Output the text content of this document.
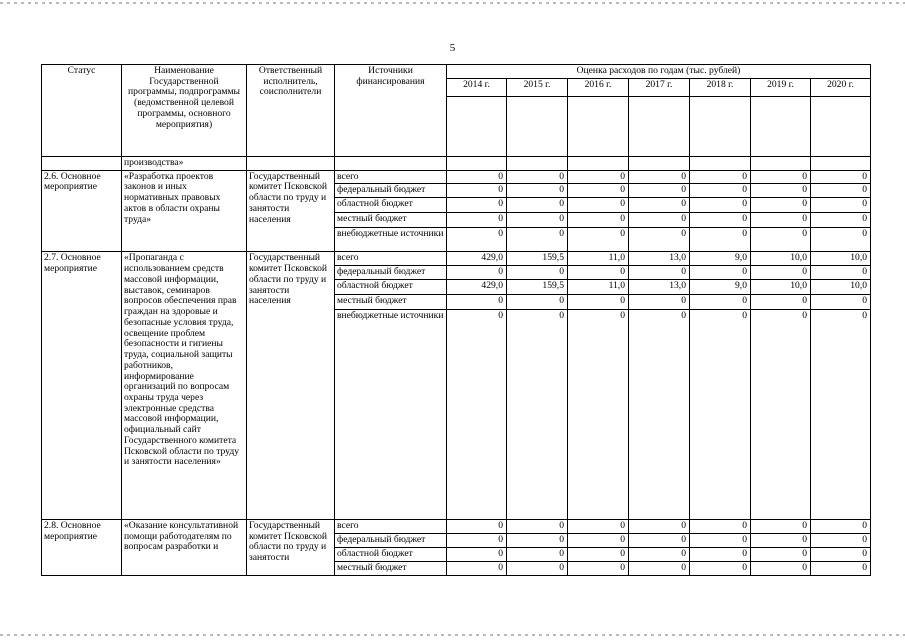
5
Статус	Наименование Государственной программы, подпрограммы (ведомственной целевой программы, основного мероприятия)	Ответственный исполнитель, соисполнители	Источники финансирования	Оценка расходов по годам (тыс. рублей)						
				2014 г.	2015 г.	2016 г.	2017 г.	2018 г.	2019 г.	2020 г.

	производства»									
2.6. Основное мероприятие	«Разработка проектов законов и иных нормативных правовых актов в области охраны труда»	Государственный комитет Псковской области по труду и занятости населения	всего	0	0	0	0	0	0	0
			федеральный бюджет	0	0	0	0	0	0	0
			областной бюджет	0	0	0	0	0	0	0
			местный бюджет	0	0	0	0	0	0	0
			внебюджетные источники	0	0	0	0	0	0	0
2.7. Основное мероприятие	«Пропаганда с использованием средств массовой информации, выставок, семинаров вопросов обеспечения прав граждан на здоровые и безопасные условия труда, освещение проблем безопасности и гигиены труда, социальной защиты работников, информирование организаций по вопросам охраны труда через электронные средства массовой информации, официальный сайт Государственного комитета Псковской области по труду и занятости населения»	Государственный комитет Псковской области по труду и занятости населения	всего	429,0	159,5	11,0	13,0	9,0	10,0	10,0
			федеральный бюджет	0	0	0	0	0	0	0
			областной бюджет	429,0	159,5	11,0	13,0	9,0	10,0	10,0
			местный бюджет	0	0	0	0	0	0	0
			внебюджетные источники	0	0	0	0	0	0	0
2.8. Основное мероприятие	«Оказание консультативной помощи работодателям по вопросам разработки и	Государственный комитет Псковской области по труду и занятости	всего	0	0	0	0	0	0	0
			федеральный бюджет	0	0	0	0	0	0	0
			областной бюджет	0	0	0	0	0	0	0
			местный бюджет	0	0	0	0	0	0	0
